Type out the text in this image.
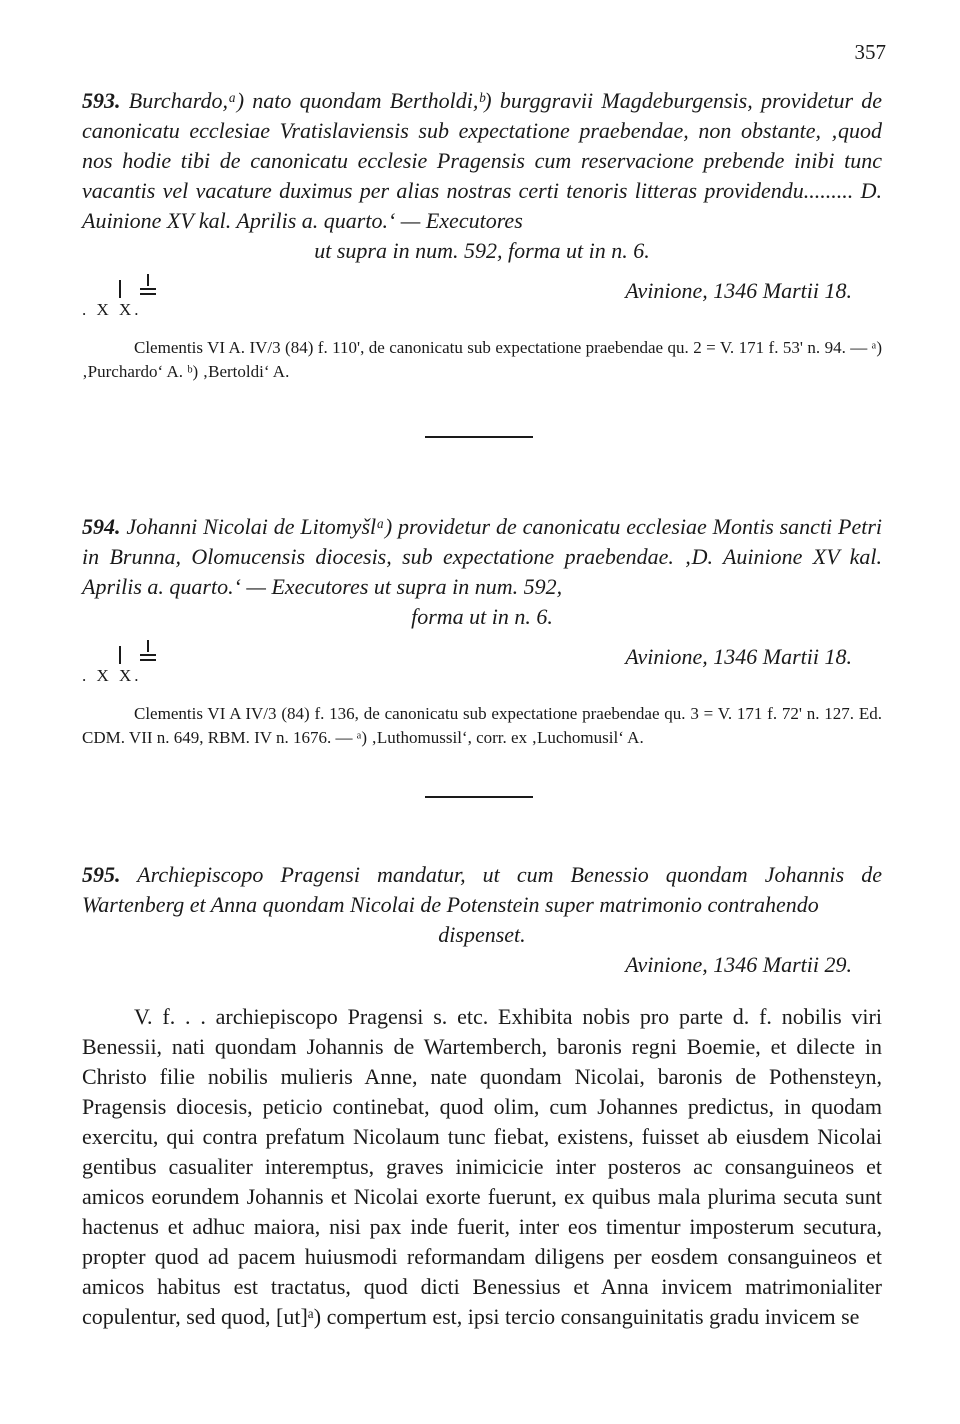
357
593. Burchardo,ᵃ) nato quondam Bertholdi,ᵇ) burggravii Magdeburgensis, providetur de canonicatu ecclesiae Vratislaviensis sub expectatione praebendae, non obstante, ‚quod nos hodie tibi de canonicatu ecclesie Pragensis cum reservacione prebende inibi tunc vacantis vel vacature duximus per alias nostras certi tenoris litteras providendu......... D. Auinione XV kal. Aprilis a. quarto.‘ — Executores
ut supra in num. 592, forma ut in n. 6.
. X X.
Avinione, 1346 Martii 18.
Clementis VI A. IV/3 (84) f. 110', de canonicatu sub expectatione praebendae qu. 2 = V. 171 f. 53' n. 94. — ᵃ) ‚Purchardo‘ A. ᵇ) ‚Bertoldi‘ A.
594. Johanni Nicolai de Litomyšlᵃ) providetur de canonicatu ecclesiae Montis sancti Petri in Brunna, Olomucensis diocesis, sub expectatione praebendae. ‚D. Auinione XV kal. Aprilis a. quarto.‘ — Executores ut supra in num. 592,
forma ut in n. 6.
. X X.
Avinione, 1346 Martii 18.
Clementis VI A IV/3 (84) f. 136, de canonicatu sub expectatione praebendae qu. 3 = V. 171 f. 72' n. 127. Ed. CDM. VII n. 649, RBM. IV n. 1676. — ᵃ) ‚Luthomussil‘, corr. ex ‚Luchomusil‘ A.
595. Archiepiscopo Pragensi mandatur, ut cum Benessio quondam Johannis de Wartenberg et Anna quondam Nicolai de Potenstein super matrimonio contrahendo
dispenset.
Avinione, 1346 Martii 29.
V. f. . . archiepiscopo Pragensi s. etc. Exhibita nobis pro parte d. f. nobilis viri Benessii, nati quondam Johannis de Wartemberch, baronis regni Boemie, et dilecte in Christo filie nobilis mulieris Anne, nate quondam Nicolai, baronis de Pothensteyn, Pragensis diocesis, peticio continebat, quod olim, cum Johannes predictus, in quodam exercitu, qui contra prefatum Nicolaum tunc fiebat, existens, fuisset ab eiusdem Nicolai gentibus casualiter interemptus, graves inimicicie inter posteros ac consanguineos et amicos eorundem Johannis et Nicolai exorte fuerunt, ex quibus mala plurima secuta sunt hactenus et adhuc maiora, nisi pax inde fuerit, inter eos timentur imposterum secutura, propter quod ad pacem huiusmodi reformandam diligens per eosdem consanguineos et amicos habitus est tractatus, quod dicti Benessius et Anna invicem matrimonialiter copulentur, sed quod, [ut]ᵃ) compertum est, ipsi tercio consanguinitatis gradu invicem se
